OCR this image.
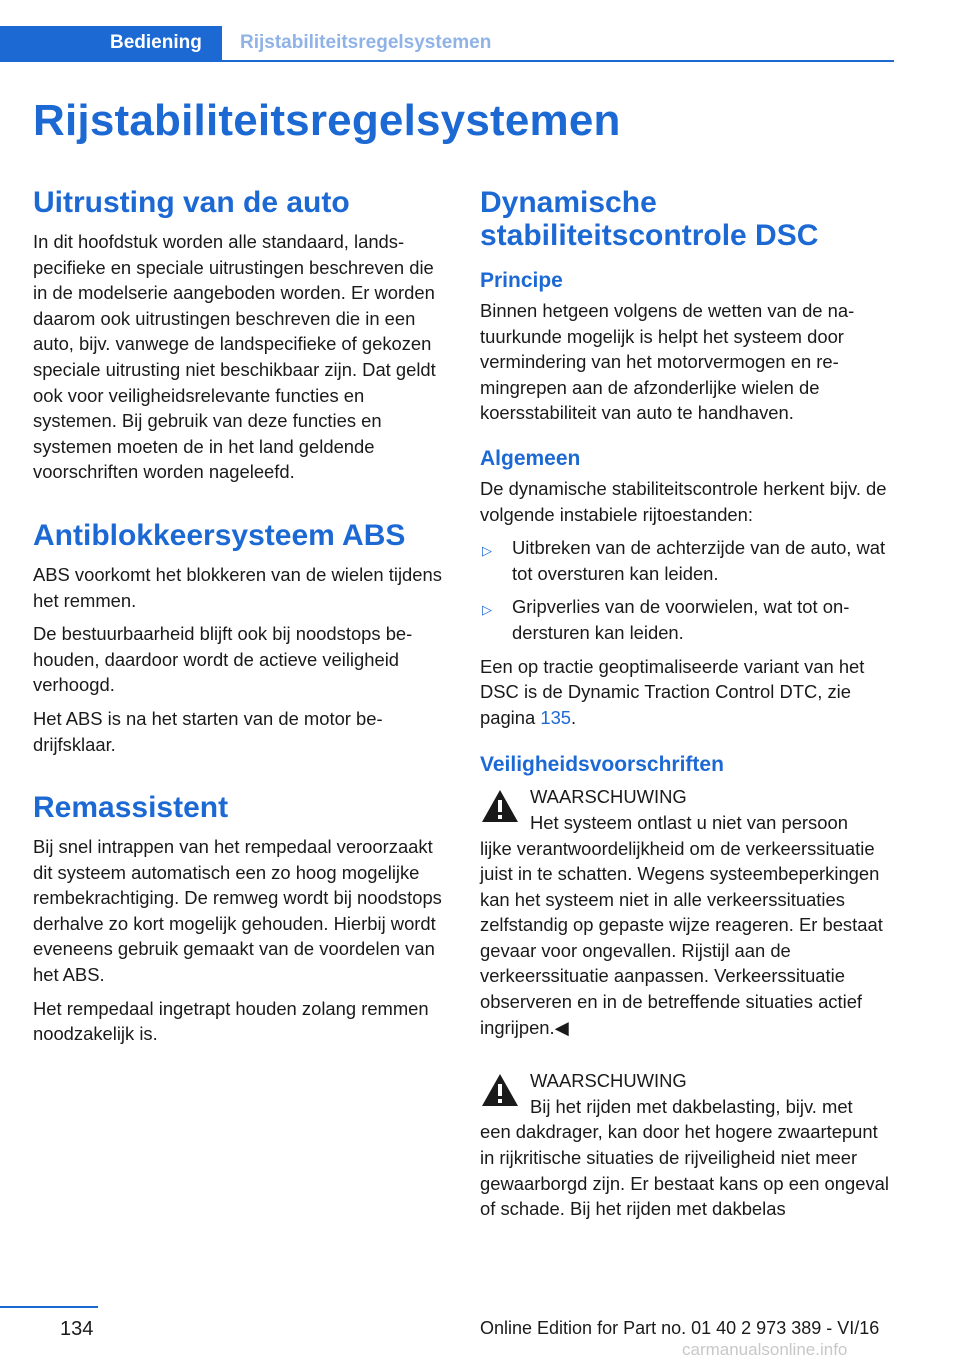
Bediening	Rijstabiliteitsregelsystemen
Rijstabiliteitsregelsystemen
Uitrusting van de auto

In dit hoofdstuk worden alle standaard, landspecifieke en speciale uitrustingen beschreven die in de modelserie aangeboden worden. Er worden daarom ook uitrustingen beschreven die in een auto, bijv. vanwege de landspecifieke of gekozen speciale uitrusting niet beschikbaar zijn. Dat geldt ook voor veiligheidsrelevante functies en systemen. Bij gebruik van deze functies en systemen moeten de in het land geldende voorschriften worden nageleefd.

Antiblokkeersysteem ABS

ABS voorkomt het blokkeren van de wielen tijdens het remmen.

De bestuurbaarheid blijft ook bij noodstops behouden, daardoor wordt de actieve veiligheid verhoogd.

Het ABS is na het starten van de motor bedrijfsklaar.

Remassistent

Bij snel intrappen van het rempedaal veroorzaakt dit systeem automatisch een zo hoog mogelijke rembekrachtiging. De remweg wordt bij noodstops derhalve zo kort mogelijk gehouden. Hierbij wordt eveneens gebruik gemaakt van de voordelen van het ABS.

Het rempedaal ingetrapt houden zolang remmen noodzakelijk is.

Dynamische stabiliteitscontrole DSC
Principe

Binnen hetgeen volgens de wetten van de natuurkunde mogelijk is helpt het systeem door vermindering van het motorvermogen en remingrepen aan de afzonderlijke wielen de koersstabiliteit van auto te handhaven.

Algemeen

De dynamische stabiliteitscontrole herkent bijv. de volgende instabiele rijtoestanden:

▷ Uitbreken van de achterzijde van de auto, wat tot oversturen kan leiden.
▷ Gripverlies van de voorwielen, wat tot ondersturen kan leiden.

Een op tractie geoptimaliseerde variant van het DSC is de Dynamic Traction Control DTC, zie pagina 135.

Veiligheidsvoorschriften

WAARSCHUWING

Het systeem ontlast u niet van persoon

lijke verantwoordelijkheid om de verkeerssituatie juist in te schatten. Wegens systeembeperkingen kan het systeem niet in alle verkeerssituaties zelfstandig op gepaste wijze reageren. Er bestaat gevaar voor ongevallen. Rijstijl aan de verkeerssituatie aanpassen. Verkeerssituatie observeren en in de betreffende situaties actief ingrijpen.◀

WAARSCHUWING

Bij het rijden met dakbelasting, bijv. met

een dakdrager, kan door het hogere zwaartepunt in rijkritische situaties de rijveiligheid niet meer gewaarborgd zijn. Er bestaat kans op een ongeval of schade. Bij het rijden met dakbelas

134	Online Edition for Part no. 01 40 2 973 389 - VI/16
carmanualsonline.info
